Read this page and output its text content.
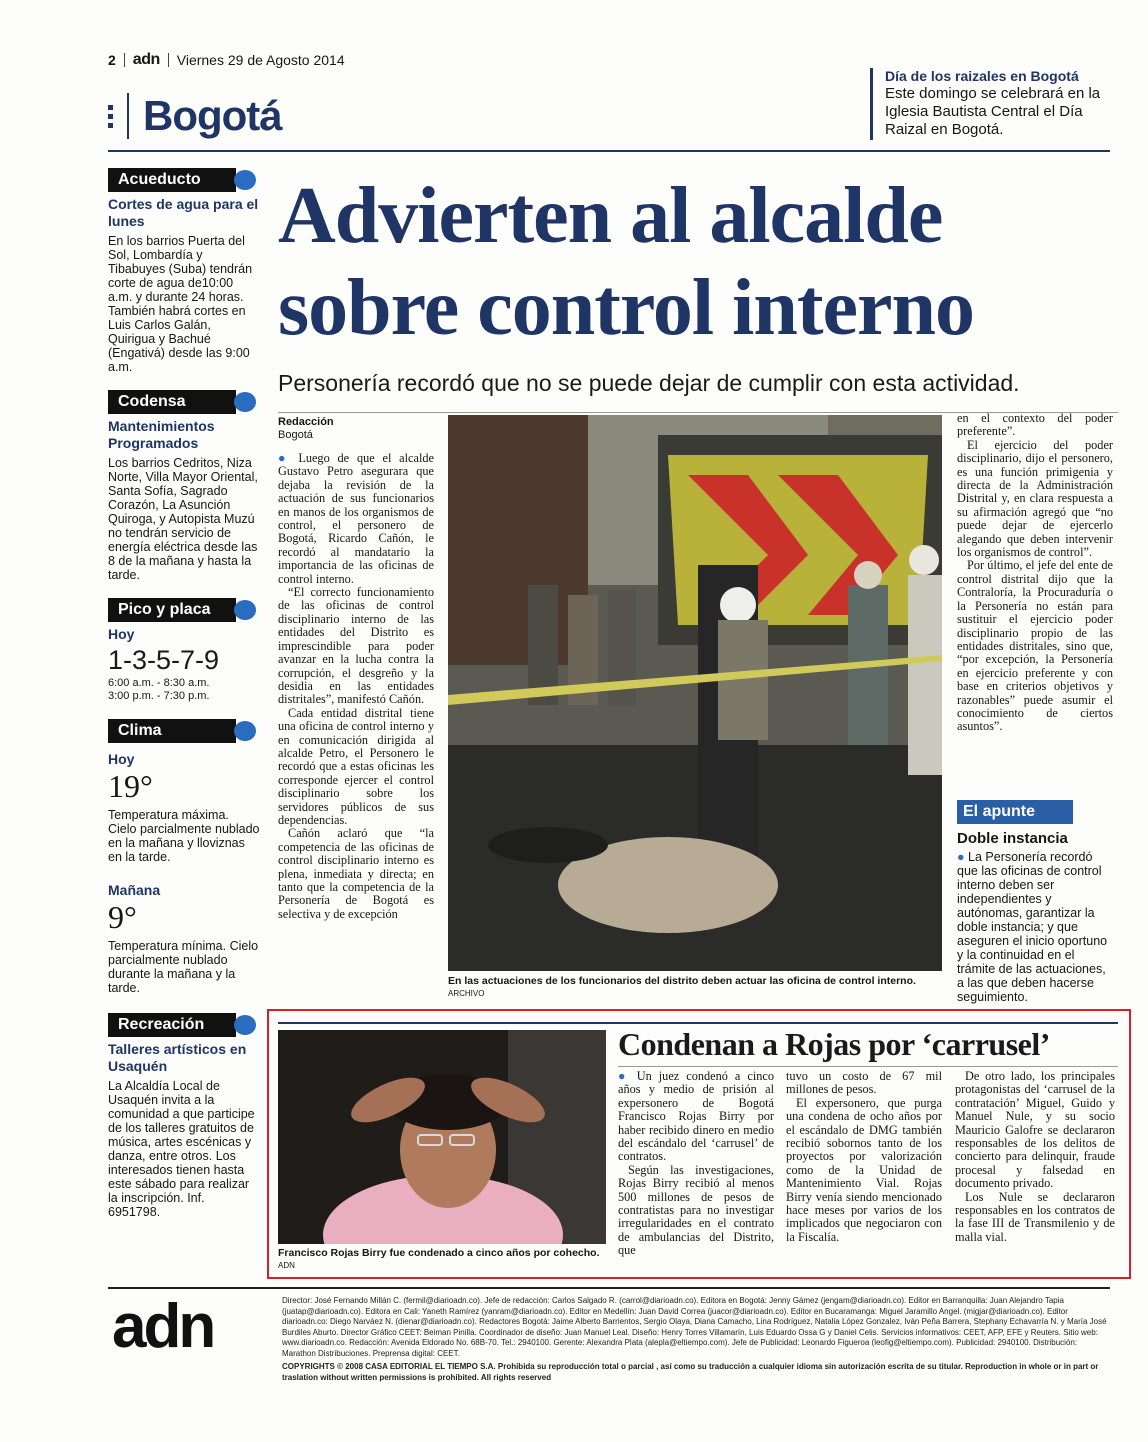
2 adn Viernes 29 de Agosto 2014
Bogotá
Día de los raizales en Bogotá
Este domingo se celebrará en la Iglesia Bautista Central el Día Raizal en Bogotá.
Acueducto
Cortes de agua para el lunes
En los barrios Puerta del Sol, Lombardía y Tibabuyes (Suba) tendrán corte de agua de10:00 a.m. y durante 24 horas. También habrá cortes en Luis Carlos Galán, Quirigua y Bachué (Engativá) desde las 9:00 a.m.
Codensa
Mantenimientos Programados
Los barrios Cedritos, Niza Norte, Villa Mayor Oriental, Santa Sofía, Sagrado Corazón, La Asunción Quiroga, y Autopista Muzú no tendrán servicio de energía eléctrica desde las 8 de la mañana y hasta la tarde.
Pico y placa
Hoy
1-3-5-7-9
6:00 a.m. - 8:30 a.m.
3:00 p.m. - 7:30 p.m.
Clima
Hoy
19°
Temperatura máxima. Cielo parcialmente nublado en la mañana y lloviznas en la tarde.
Mañana
9°
Temperatura mínima. Cielo parcialmente nublado durante la mañana y la tarde.
Recreación
Talleres artísticos en Usaquén
La Alcaldía Local de Usaquén invita a la comunidad a que participe de los talleres gratuitos de música, artes escénicas y danza, entre otros. Los interesados tienen hasta este sábado para realizar la inscripción. Inf. 6951798.
Advierten al alcalde sobre control interno
Personería recordó que no se puede dejar de cumplir con esta actividad.
Redacción
Bogotá

● Luego de que el alcalde Gustavo Petro asegurara que dejaba la revisión de la actuación de sus funcionarios en manos de los organismos de control, el personero de Bogotá, Ricardo Cañón, le recordó al mandatario la importancia de las oficinas de control interno.

“El correcto funcionamiento de las oficinas de control disciplinario interno de las entidades del Distrito es imprescindible para poder avanzar en la lucha contra la corrupción, el desgreño y la desidia en las entidades distritales”, manifestó Cañón.

Cada entidad distrital tiene una oficina de control interno y en comunicación dirigida al alcalde Petro, el Personero le recordó que a estas oficinas les corresponde ejercer el control disciplinario sobre los servidores públicos de sus dependencias.

Cañón aclaró que “la competencia de las oficinas de control disciplinario interno es plena, inmediata y directa; en tanto que la competencia de la Personería de Bogotá es selectiva y de excepción

En las actuaciones de los funcionarios del distrito deben actuar las oficina de control interno. ARCHIVO

en el contexto del poder preferente”.

El ejercicio del poder disciplinario, dijo el personero, es una función primigenia y directa de la Administración Distrital y, en clara respuesta a su afirmación agregó que “no puede dejar de ejercerlo alegando que deben intervenir los organismos de control”.

Por último, el jefe del ente de control distrital dijo que la Contraloría, la Procuraduría o la Personería no están para sustituir el ejercicio poder disciplinario propio de las entidades distritales, sino que, “por excepción, la Personería en ejercicio preferente y con base en criterios objetivos y razonables” puede asumir el conocimiento de ciertos asuntos”.

El apunte
Doble instancia
● La Personería recordó que las oficinas de control interno deben ser independientes y autónomas, garantizar la doble instancia; y que aseguren el inicio oportuno y la continuidad en el trámite de las actuaciones, a las que deben hacerse seguimiento.
Francisco Rojas Birry fue condenado a cinco años por cohecho. ADN
Condenan a Rojas por ‘carrusel’

● Un juez condenó a cinco años y medio de prisión al expersonero de Bogotá Francisco Rojas Birry por haber recibido dinero en medio del escándalo del ‘carrusel’ de contratos.

Según las investigaciones, Rojas Birry recibió al menos 500 millones de pesos de contratistas para no investigar irregularidades en el contrato de ambulancias del Distrito, que

tuvo un costo de 67 mil millones de pesos.

El expersonero, que purga una condena de ocho años por el escándalo de DMG también recibió sobornos tanto de los proyectos por valorización como de la Unidad de Mantenimiento Vial. Rojas Birry venía siendo mencionado hace meses por varios de los implicados que negociaron con la Fiscalía.

De otro lado, los principales protagonistas del ‘carrusel de la contratación’ Miguel, Guido y Manuel Nule, y su socio Mauricio Galofre se declararon responsables de los delitos de concierto para delinquir, fraude procesal y falsedad en documento privado.

Los Nule se declararon responsables en los contratos de la fase III de Transmilenio y de malla vial.

adn	Director: José Fernando Millán C. (fermil@diarioadn.co). Jefe de redacción: Carlos Salgado R. (carrol@diarioadn.co). Editora en Bogotá: Jenny Gámez (jengam@diarioadn.co). Editor en Barranquilla: Juan Alejandro Tapia (juatap@diarioadn.co). Editora en Cali: Yaneth Ramírez (yanram@diarioadn.co). Editor en Medellín: Juan David Correa (juacor@diarioadn.co). Editor en Bucaramanga: Miguel Jaramillo Angel. (migjar@diarioadn.co). Editor diarioadn.co: Diego Narváez N. (dienar@diarioadn.co). Redactores Bogotá: Jaime Alberto Barrientos, Sergio Olaya, Diana Camacho, Lina Rodríguez, Natalia López Gonzalez, Iván Peña Barrera, Stephany Echavarría N. y María José Burdiles Aburto. Director Gráfico CEET: Beiman Pinilla. Coordinador de diseño: Juan Manuel Leal. Diseño: Henry Torres Villamarín, Luis Eduardo Ossa G y Daniel Celis. Servicios informativos: CEET, AFP, EFE y Reuters. Sitio web: www.diarioadn.co. Redacción: Avenida Eldorado No. 68B-70. Tel.: 2940100. Gerente: Alexandra Plata (alepla@eltiempo.com). Jefe de Publicidad: Leonardo Figueroa (leofig@eltiempo.com). Publicidad: 2940100. Distribución: Marathon Distribuciones. Preprensa digital: CEET.
COPYRIGHTS © 2008 CASA EDITORIAL EL TIEMPO S.A. Prohibida su reproducción total o parcial , así como su traducción a cualquier idioma sin autorización escrita de su titular. Reproduction in whole or in part or traslation without written permissions is prohibited. All rights reserved
